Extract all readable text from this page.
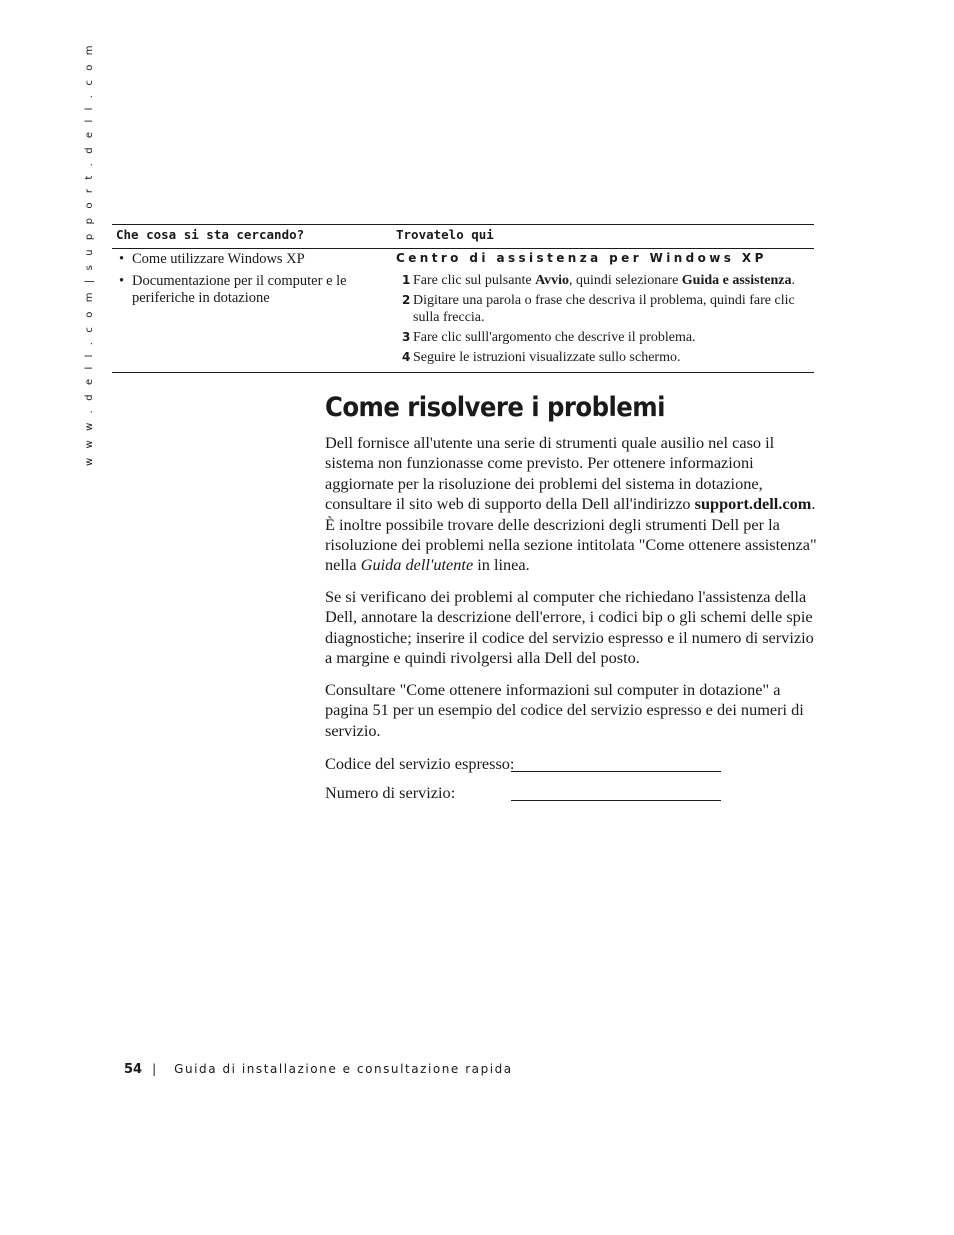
w w w . d e l l . c o m | s u p p o r t . d e l l . c o m Che cosa si sta cercando?	Trovatelo qui
• Come utilizzare Windows XP
• Documentazione per il computer e le periferiche in dotazione
Centro di assistenza per Windows XP
1 Fare clic sul pulsante Avvio, quindi selezionare Guida e assistenza.
2 Digitare una parola o frase che descriva il problema, quindi fare clic sulla freccia.
3 Fare clic sulll'argomento che descrive il problema.
4 Seguire le istruzioni visualizzate sullo schermo.
Come risolvere i problemi

Dell fornisce all'utente una serie di strumenti quale ausilio nel caso il sistema non funzionasse come previsto. Per ottenere informazioni aggiornate per la risoluzione dei problemi del sistema in dotazione, consultare il sito web di supporto della Dell all'indirizzo support.dell.com. È inoltre possibile trovare delle descrizioni degli strumenti Dell per la risoluzione dei problemi nella sezione intitolata "Come ottenere assistenza" nella Guida dell'utente in linea.

Se si verificano dei problemi al computer che richiedano l'assistenza della Dell, annotare la descrizione dell'errore, i codici bip o gli schemi delle spie diagnostiche; inserire il codice del servizio espresso e il numero di servizio a margine e quindi rivolgersi alla Dell del posto.

Consultare "Come ottenere informazioni sul computer in dotazione" a pagina 51 per un esempio del codice del servizio espresso e dei numeri di servizio.

Codice del servizio espresso:
Numero di servizio:
54 | Guida di installazione e consultazione rapida
